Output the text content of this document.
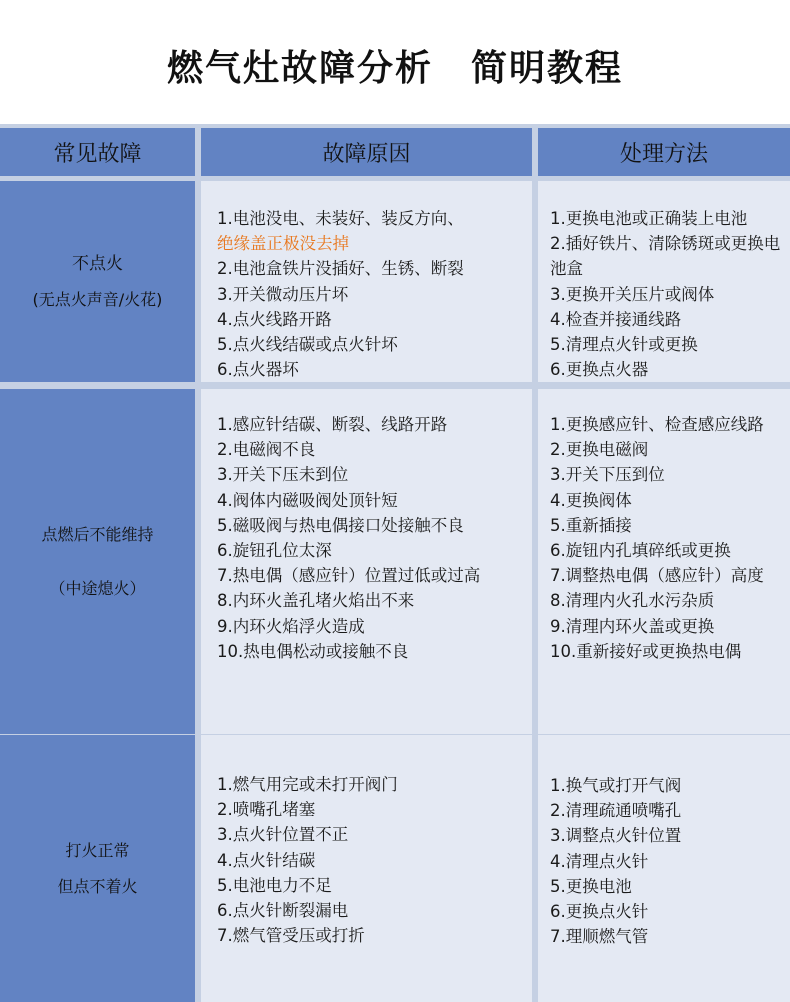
燃气灶故障分析 简明教程
常见故障	故障原因	处理方法
不点火
(无点火声音/火花)
1.电池没电、未装好、装反方向、
绝缘盖正极没去掉
2.电池盒铁片没插好、生锈、断裂
3.开关微动压片坏
4.点火线路开路
5.点火线结碳或点火针坏
6.点火器坏
1.更换电池或正确装上电池
2.插好铁片、清除锈斑或更换电池盒
3.更换开关压片或阀体
4.检查并接通线路
5.清理点火针或更换
6.更换点火器
点燃后不能维持
（中途熄火）
1.感应针结碳、断裂、线路开路
2.电磁阀不良
3.开关下压未到位
4.阀体内磁吸阀处顶针短
5.磁吸阀与热电偶接口处接触不良
6.旋钮孔位太深
7.热电偶（感应针）位置过低或过高
8.内环火盖孔堵火焰出不来
9.内环火焰浮火造成
10.热电偶松动或接触不良
1.更换感应针、检查感应线路
2.更换电磁阀
3.开关下压到位
4.更换阀体
5.重新插接
6.旋钮内孔填碎纸或更换
7.调整热电偶（感应针）高度
8.清理内火孔水污杂质
9.清理内环火盖或更换
10.重新接好或更换热电偶
打火正常
但点不着火
1.燃气用完或未打开阀门
2.喷嘴孔堵塞
3.点火针位置不正
4.点火针结碳
5.电池电力不足
6.点火针断裂漏电
7.燃气管受压或打折
1.换气或打开气阀
2.清理疏通喷嘴孔
3.调整点火针位置
4.清理点火针
5.更换电池
6.更换点火针
7.理顺燃气管
